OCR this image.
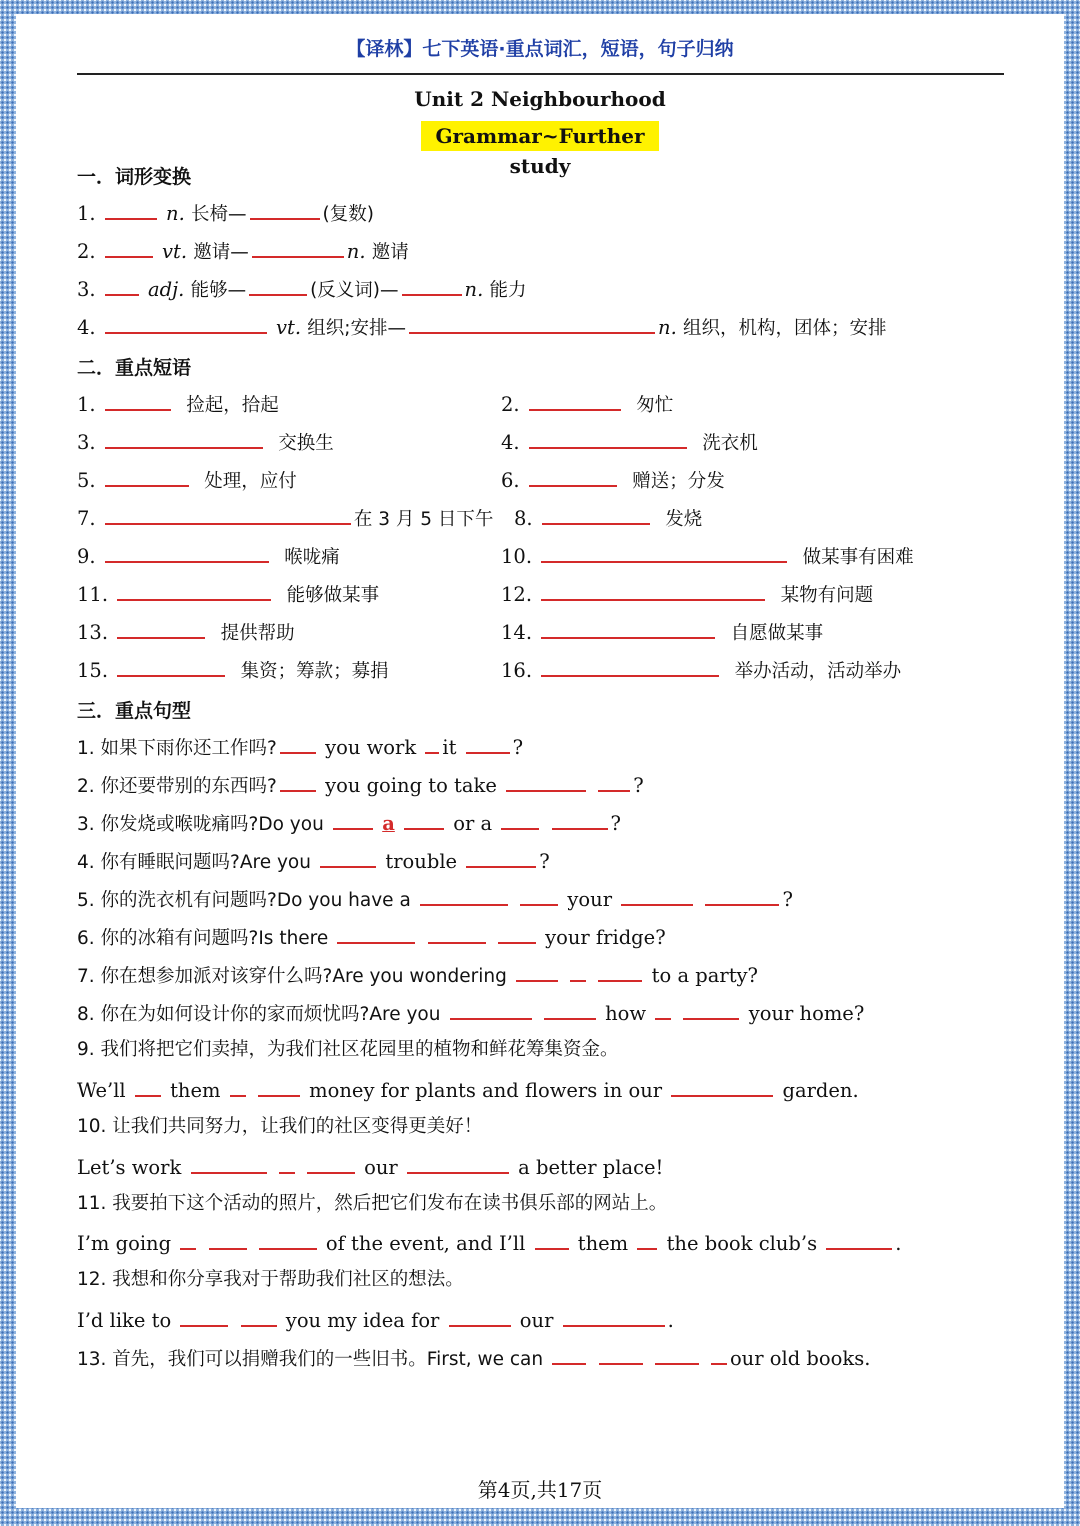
【译林】七下英语·重点词汇，短语，句子归纳
Unit 2 Neighbourhood
Grammar~Further study
一．词形变换
1.	n. 长椅—	(复数)
2.	vt. 邀请—	n. 邀请
3.	adj. 能够—	(反义词)—	n. 能力
4.	vt. 组织;安排—	n. 组织，机构，团体；安排
二．重点短语
1.	捡起，拾起	2.	匆忙
3.	交换生	4.	洗衣机
5.	处理，应付	6.	赠送；分发
7.	在 3 月 5 日下午 8.	发烧
9.	喉咙痛	10.	做某事有困难
11.	能够做某事	12.	某物有问题
13.	提供帮助	14.	自愿做某事
15.	集资；筹款；募捐	16.	举办活动，活动举办
三．重点句型
1. 如果下雨你还工作吗? you work it	?
2. 你还要带别的东西吗? you going to take	?
3. 你发烧或喉咙痛吗?Do you	a	or a	?
4. 你有睡眠问题吗?Are you	trouble	?
5. 你的洗衣机有问题吗?Do you have a	your	?
6. 你的冰箱有问题吗?Is there	your fridge?
7. 你在想参加派对该穿什么吗?Are you wondering	to a party?
8. 你在为如何设计你的家而烦忧吗?Are you	how	your home?
9. 我们将把它们卖掉，为我们社区花园里的植物和鲜花筹集资金。
We’ll them	money for plants and flowers in our	garden.
10. 让我们共同努力，让我们的社区变得更美好！
Let’s work	our	a better place!
11. 我要拍下这个活动的照片，然后把它们发布在读书俱乐部的网站上。
I’m going	of the event, and I’ll	them the book club’s	.
12. 我想和你分享我对于帮助我们社区的想法。
I’d like to	you my idea for	our	.
13. 首先，我们可以捐赠我们的一些旧书。First, we can	our old books.
第4页,共17页
